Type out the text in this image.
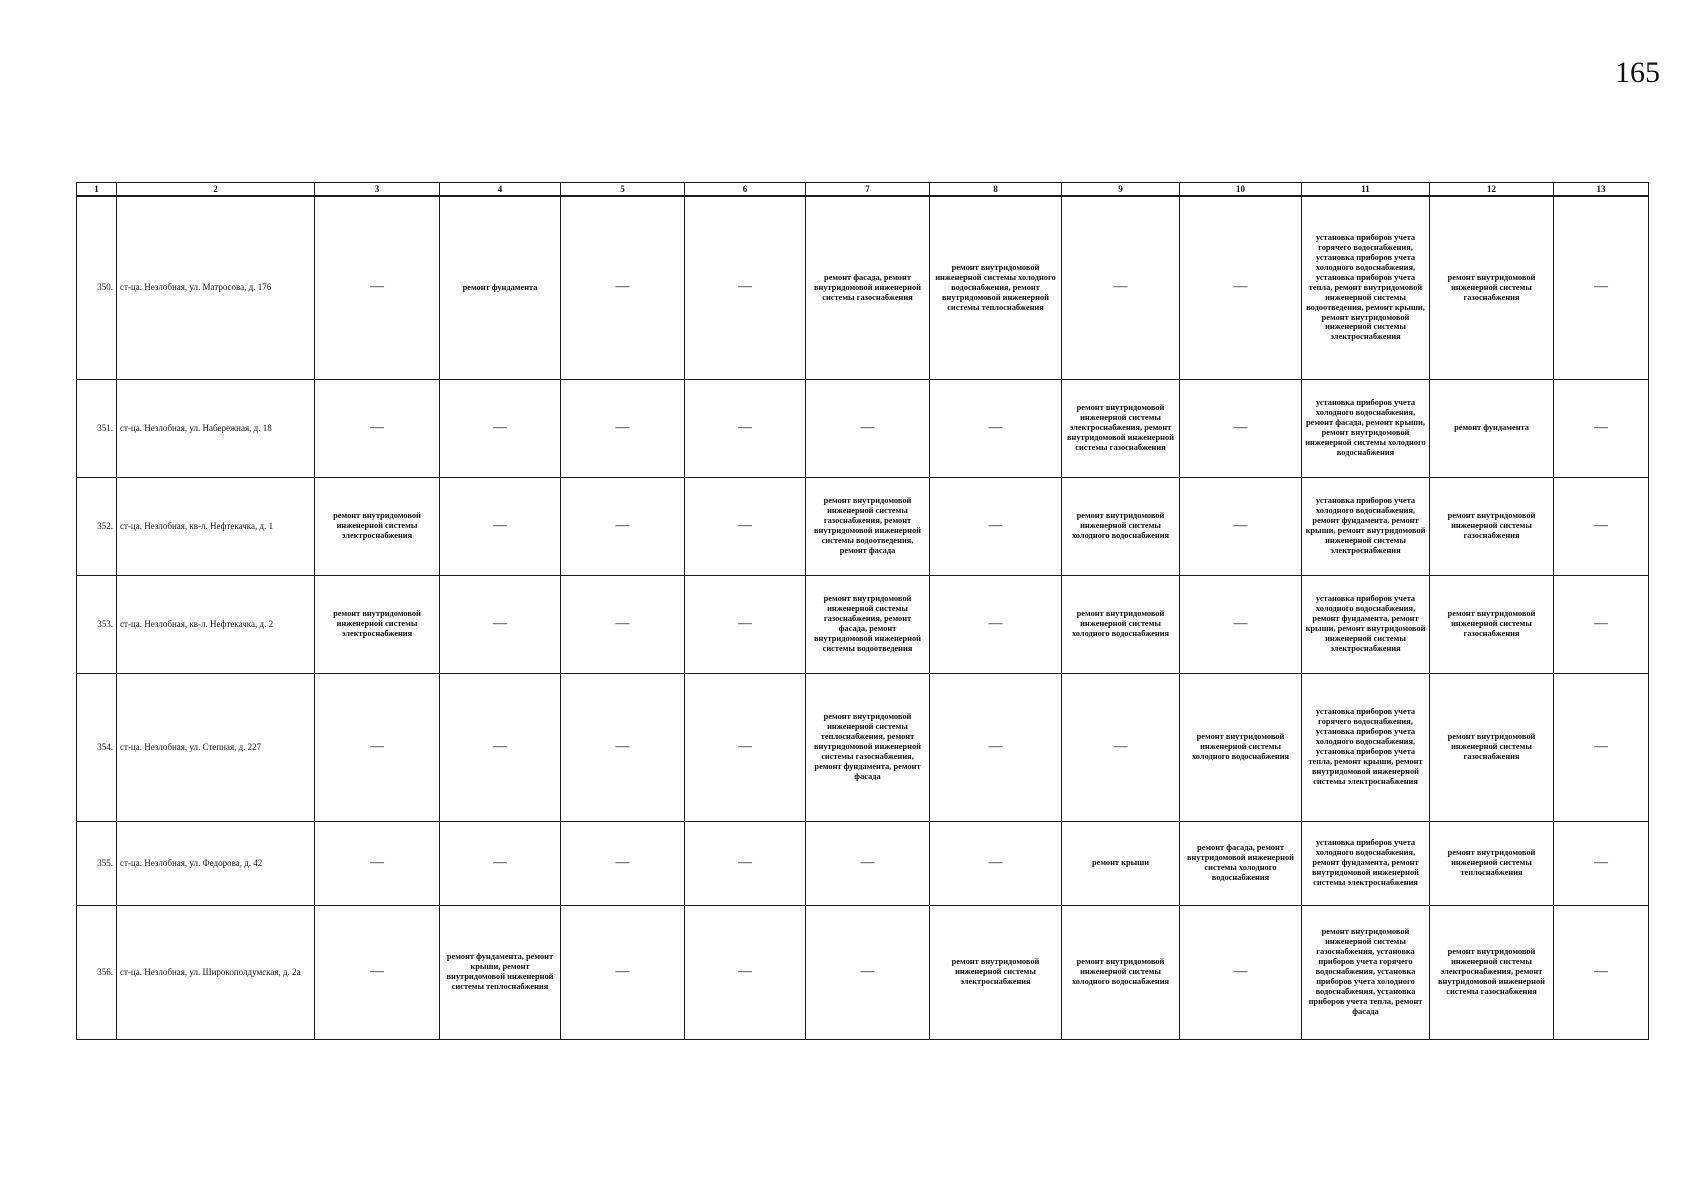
165
1	2	3	4	5	6	7	8	9	10	11	12	13
350.	ст-ца. Незлобная, ул. Матросова, д. 176	—	ремонт фундамента	—	—	ремонт фасада, ремонт внутридомовой инженерной системы газоснабжения	ремонт внутридомовой инженерной системы холодного водоснабжения, ремонт внутридомовой инженерной системы теплоснабжения	—	—	установка приборов учета горячего водоснабжения, установка приборов учета холодного водоснабжения, установка приборов учета тепла, ремонт внутридомовой инженерной системы водоотведения, ремонт крыши, ремонт внутридомовой инженерной системы электроснабжения	ремонт внутридомовой инженерной системы газоснабжения	—
351.	ст-ца. Незлобная, ул. Набережная, д. 18	—	—	—	—	—	—	ремонт внутридомовой инженерной системы электроснабжения, ремонт внутридомовой инженерной системы газоснабжения	—	установка приборов учета холодного водоснабжения, ремонт фасада, ремонт крыши, ремонт внутридомовой инженерной системы холодного водоснабжения	ремонт фундамента	—
352.	ст-ца. Незлобная, кв-л. Нефтекачка, д. 1	ремонт внутридомовой инженерной системы электроснабжения	—	—	—	ремонт внутридомовой инженерной системы газоснабжения, ремонт внутридомовой инженерной системы водоотведения, ремонт фасада	—	ремонт внутридомовой инженерной системы холодного водоснабжения	—	установка приборов учета холодного водоснабжения, ремонт фундамента, ремонт крыши, ремонт внутридомовой инженерной системы электроснабжения	ремонт внутридомовой инженерной системы газоснабжения	—
353.	ст-ца. Незлобная, кв-л. Нефтекачка, д. 2	ремонт внутридомовой инженерной системы электроснабжения	—	—	—	ремонт внутридомовой инженерной системы газоснабжения, ремонт фасада, ремонт внутридомовой инженерной системы водоотведения	—	ремонт внутридомовой инженерной системы холодного водоснабжения	—	установка приборов учета холодного водоснабжения, ремонт фундамента, ремонт крыши, ремонт внутридомовой инженерной системы электроснабжения	ремонт внутридомовой инженерной системы газоснабжения	—
354.	ст-ца. Незлобная, ул. Степная, д. 227	—	—	—	—	ремонт внутридомовой инженерной системы теплоснабжения, ремонт внутридомовой инженерной системы газоснабжения, ремонт фундамента, ремонт фасада	—	—	ремонт внутридомовой инженерной системы холодного водоснабжения	установка приборов учета горячего водоснабжения, установка приборов учета холодного водоснабжения, установка приборов учета тепла, ремонт крыши, ремонт внутридомовой инженерной системы электроснабжения	ремонт внутридомовой инженерной системы газоснабжения	—
355.	ст-ца. Незлобная, ул. Федорова, д. 42	—	—	—	—	—	—	ремонт крыши	ремонт фасада, ремонт внутридомовой инженерной системы холодного водоснабжения	установка приборов учета холодного водоснабжения, ремонт фундамента, ремонт внутридомовой инженерной системы электроснабжения	ремонт внутридомовой инженерной системы теплоснабжения	—
356.	ст-ца. Незлобная, ул. Широкополдумская, д. 2а	—	ремонт фундамента, ремонт крыши, ремонт внутридомовой инженерной системы теплоснабжения	—	—	—	ремонт внутридомовой инженерной системы электроснабжения	ремонт внутридомовой инженерной системы холодного водоснабжения	—	ремонт внутридомовой инженерной системы газоснабжения, установка приборов учета горячего водоснабжения, установка приборов учета холодного водоснабжения, установка приборов учета тепла, ремонт фасада	ремонт внутридомовой инженерной системы электроснабжения, ремонт внутридомовой инженерной системы газоснабжения	—
